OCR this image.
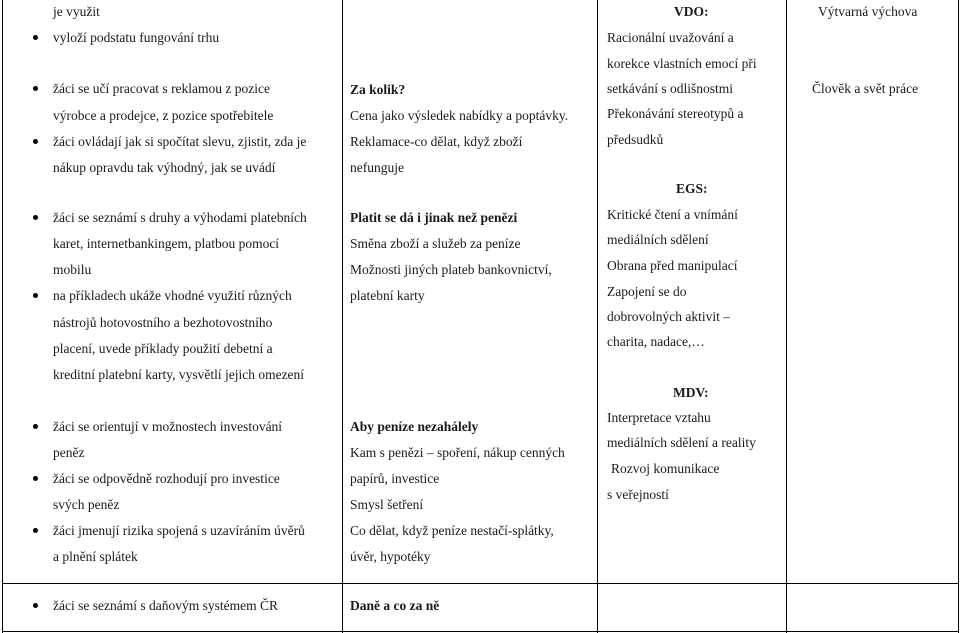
je využit
vyloží podstatu fungování trhu
žáci se učí pracovat s reklamou z pozice
výrobce a prodejce, z pozice spotřebitele
žáci ovládají jak si spočítat slevu, zjistit, zda je
nákup opravdu tak výhodný, jak se uvádí
žáci se seznámí s druhy a výhodami platebních
karet, internetbankingem, platbou pomocí
mobilu
na příkladech ukáže vhodné využití různých
nástrojů hotovostního a bezhotovostního
placení, uvede příklady použití debetní a
kreditní platební karty, vysvětlí jejich omezení
žáci se orientují v možnostech investování
peněz
žáci se odpovědně rozhodují pro investice
svých peněz
žáci jmenují rizika spojená s uzavíráním úvěrů
a plnění splátek
žáci se seznámí s daňovým systémem ČR
Za kolik?
Cena jako výsledek nabídky a poptávky.
Reklamace-co dělat, když zboží
nefunguje
Platit se dá i jinak než penězi
Směna zboží a služeb za peníze
Možnosti jiných plateb bankovnictví,
platební karty
Aby peníze nezahálely
Kam s penězi – spoření, nákup cenných
papírů, investice
Smysl šetření
Co dělat, když peníze nestačí-splátky,
úvěr, hypotéky
Daně a co za ně
VDO:
Racionální uvažování a
korekce vlastních emocí při
setkávání s odlišnostmi
Překonávání stereotypů a
předsudků
EGS:
Kritické čtení a vnímání
mediálních sdělení
Obrana před manipulací
Zapojení se do
dobrovolných aktivit –
charita, nadace,…
MDV:
Interpretace vztahu
mediálních sdělení a reality
Rozvoj komunikace
s veřejností
Výtvarná výchova
Člověk a svět práce
